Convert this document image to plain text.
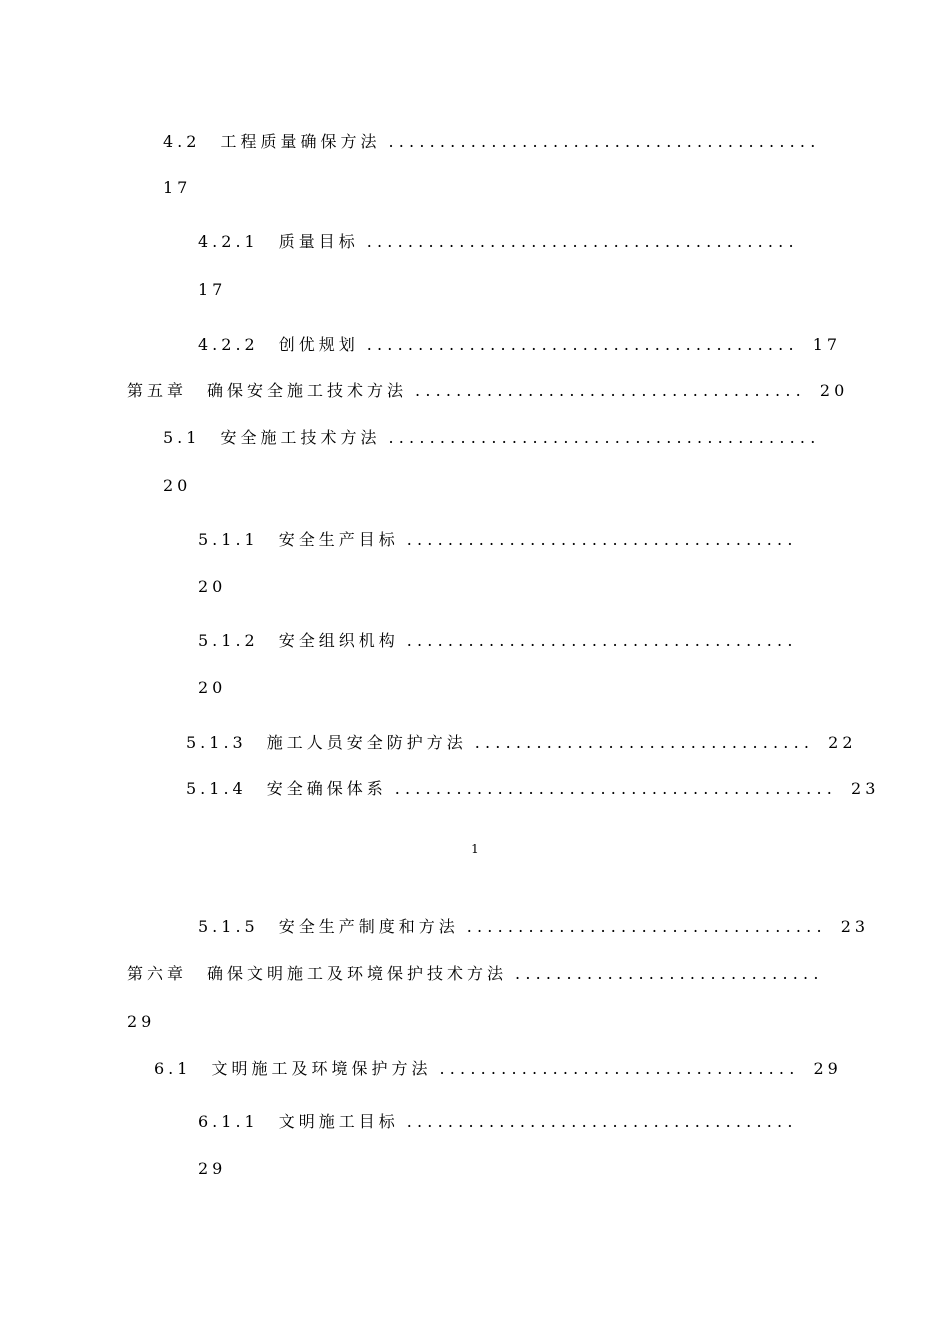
4.2 工程质量确保方法 ..........................................
17
4.2.1 质量目标 ..........................................
17
4.2.2 创优规划 .......................................... 17
第五章 确保安全施工技术方法 ...................................... 20
5.1 安全施工技术方法 ..........................................
20
5.1.1 安全生产目标 ......................................
20
5.1.2 安全组织机构 ......................................
20
5.1.3 施工人员安全防护方法 ................................. 22
5.1.4 安全确保体系 ........................................... 23
1
5.1.5 安全生产制度和方法 ................................... 23
第六章 确保文明施工及环境保护技术方法 ..............................
29
6.1 文明施工及环境保护方法 ................................... 29
6.1.1 文明施工目标 ......................................
29
